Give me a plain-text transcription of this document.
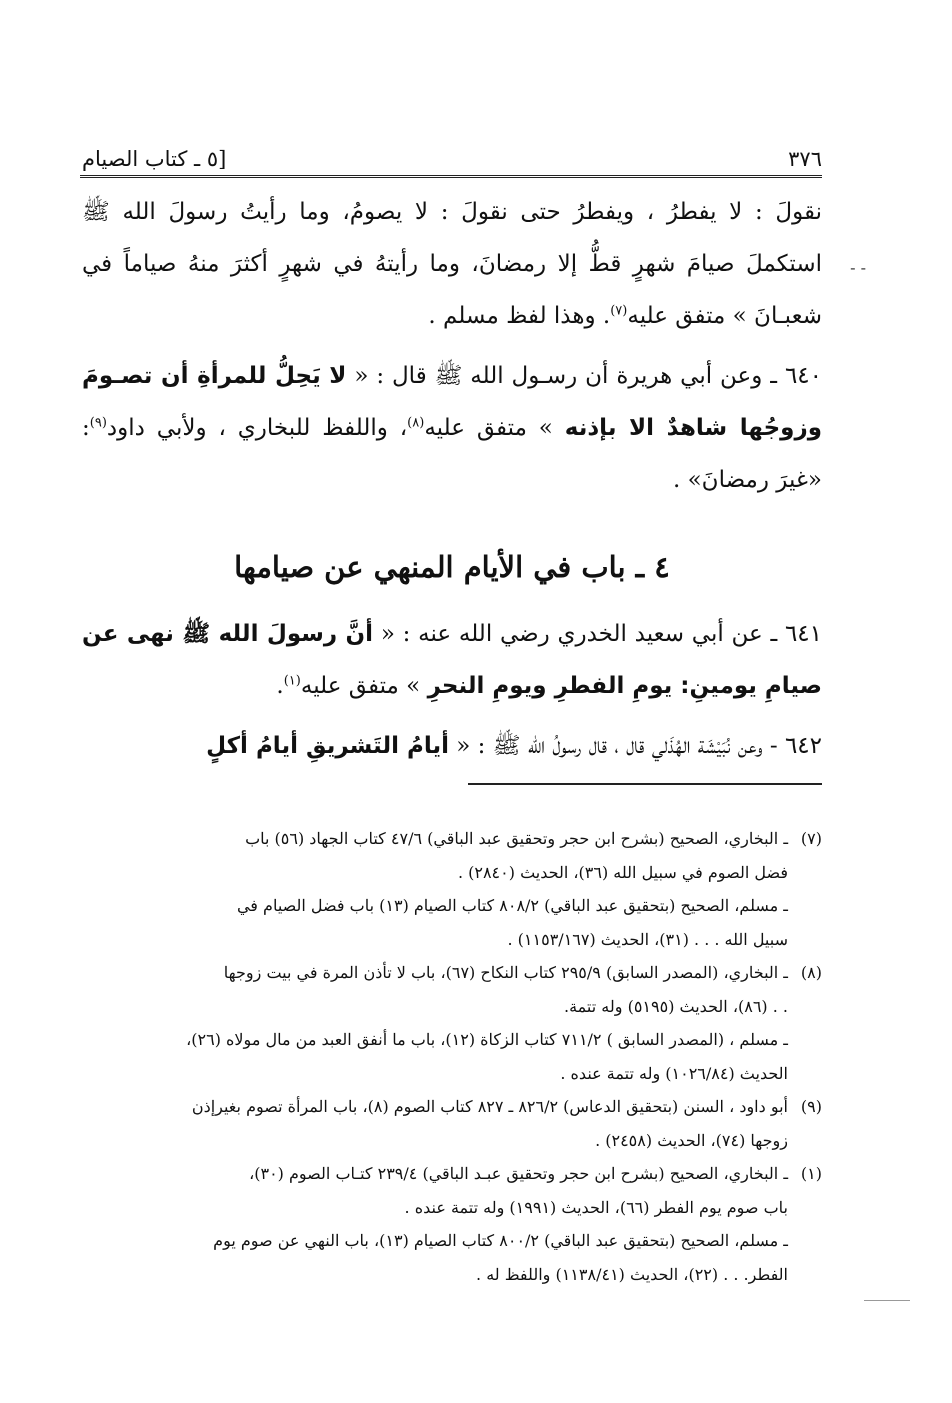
٣٧٦
[٥ ـ كتاب الصيام
- -

نقولَ : لا يفطرُ ، ويفطرُ حتى نقولَ : لا يصومُ، وما رأيتُ رسولَ الله ﷺ استكملَ صيامَ شهرٍ قطُّ إلا رمضانَ، وما رأيتهُ في شهرٍ أكثرَ منهُ صياماً في شعبـانَ » متفق عليه$^{(٧)}$. وهذا لفظ مسلم .

٦٤٠ ـ وعن أبي هريرة أن رسـول الله ﷺ قال : « لا يَحِلُّ للمرأةِ أن تصـومَ وزوجُها شاهدٌ الا بإذنه » متفق عليه$^{(٨)}$، واللفظ للبخاري ، ولأبي داود$^{(٩)}$: «غيرَ رمضانَ» .

٤ ـ باب في الأيام المنهي عن صيامها

٦٤١ ـ عن أبي سعيد الخدري رضي الله عنه : « أنَّ رسولَ الله ﷺ نهى عن صيامِ يومينِ: يومِ الفطرِ ويومِ النحرِ » متفق عليه$^{(١)}$.

٦٤٢ - وعن نُبَيْشَة الهُذَلي قال ، قال رسولُ الله ﷺ : « أيامُ التَشريقِ أيامُ أكلٍ

(٧)
ـ البخاري، الصحيح (بشرح ابن حجر وتحقيق عبد الباقي) ٤٧/٦ كتاب الجهاد (٥٦) باب
فضل الصوم في سبيل الله (٣٦)، الحديث (٢٨٤٠) .
ـ مسلم، الصحيح (بتحقيق عبد الباقي) ٨٠٨/٢ كتاب الصيام (١٣) باب فضل الصيام في
سبيل الله . . . (٣١)، الحديث (١١٥٣/١٦٧) .
(٨)
ـ البخاري، (المصدر السابق) ٢٩٥/٩ كتاب النكاح (٦٧)، باب لا تأذن المرة في بيت زوجها
. . (٨٦)، الحديث (٥١٩٥) وله تتمة.
ـ مسلم ، (المصدر السابق ) ٧١١/٢ كتاب الزكاة (١٢)، باب ما أنفق العبد من مال مولاه (٢٦)،
الحديث (١٠٢٦/٨٤) وله تتمة عنده .
(٩)
أبو داود ، السنن (بتحقيق الدعاس) ٨٢٦/٢ ـ ٨٢٧ كتاب الصوم (٨)، باب المرأة تصوم بغيرإذن
زوجها (٧٤)، الحديث (٢٤٥٨) .
(١)
ـ البخاري، الصحيح (بشرح ابن حجر وتحقيق عبـد الباقي) ٢٣٩/٤ كتـاب الصوم (٣٠)،
باب صوم يوم الفطر (٦٦)، الحديث (١٩٩١) وله تتمة عنده .
ـ مسلم، الصحيح (بتحقيق عبد الباقي) ٨٠٠/٢ كتاب الصيام (١٣)، باب النهي عن صوم يوم
الفطر. . . (٢٢)، الحديث (١١٣٨/٤١) واللفظ له .
